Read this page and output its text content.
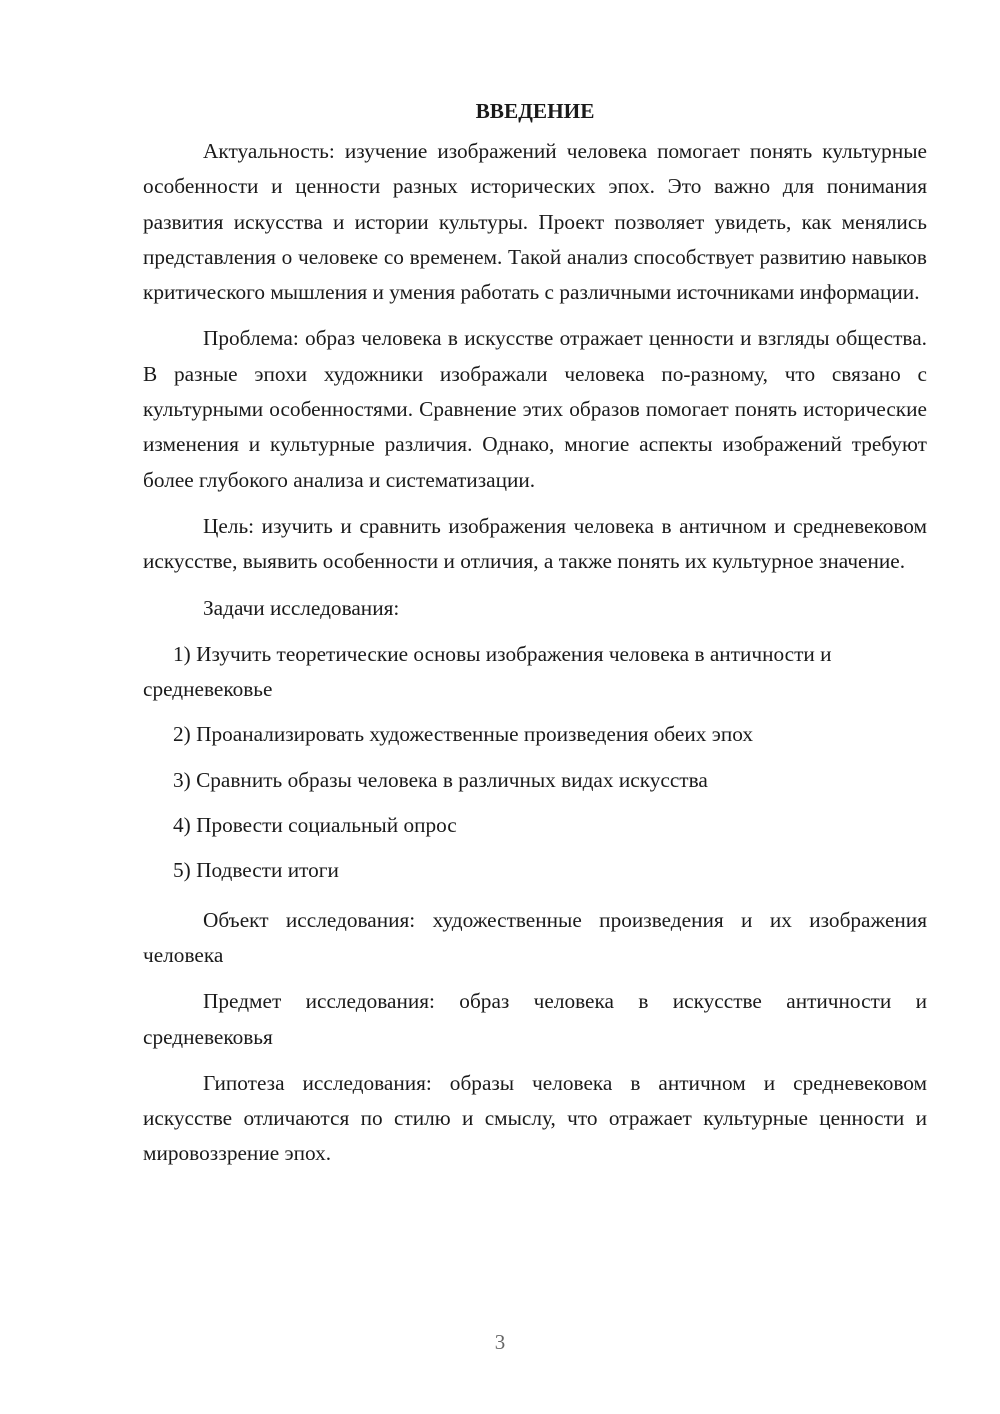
ВВЕДЕНИЕ

Актуальность: изучение изображений человека помогает понять культурные особенности и ценности разных исторических эпох. Это важно для понимания развития искусства и истории культуры. Проект позволяет увидеть, как менялись представления о человеке со временем. Такой анализ способствует развитию навыков критического мышления и умения работать с различными источниками информации.

Проблема: образ человека в искусстве отражает ценности и взгляды общества. В разные эпохи художники изображали человека по-разному, что связано с культурными особенностями. Сравнение этих образов помогает понять исторические изменения и культурные различия. Однако, многие аспекты изображений требуют более глубокого анализа и систематизации.

Цель: изучить и сравнить изображения человека в античном и средневековом искусстве, выявить особенности и отличия, а также понять их культурное значение.

Задачи исследования:

1) Изучить теоретические основы изображения человека в античности и средневековье

2) Проанализировать художественные произведения обеих эпох

3) Сравнить образы человека в различных видах искусства

4) Провести социальный опрос

5) Подвести итоги

Объект исследования: художественные произведения и их изображения человека

Предмет исследования: образ человека в искусстве античности и средневековья

Гипотеза исследования: образы человека в античном и средневековом искусстве отличаются по стилю и смыслу, что отражает культурные ценности и мировоззрение эпох.

3
